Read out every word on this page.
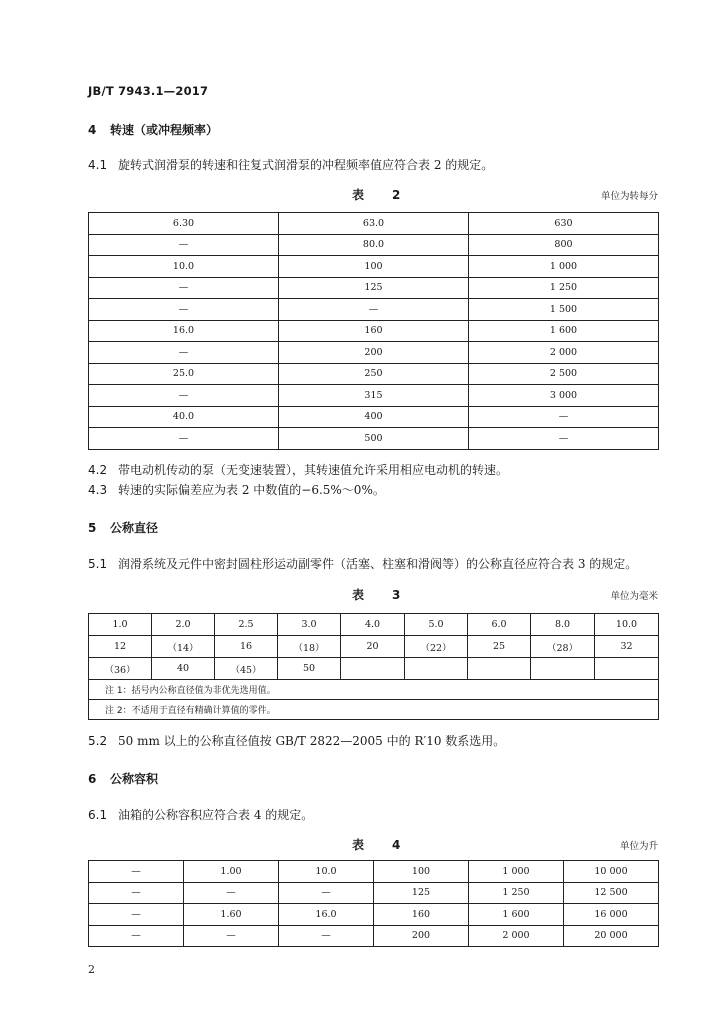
JB/T 7943.1—2017
4 转速（或冲程频率）
4.1 旋转式润滑泵的转速和往复式润滑泵的冲程频率值应符合表 2 的规定。
表　2	单位为转每分
6.30	63.0	630
—	80.0	800
10.0	100	1 000
—	125	1 250
—	—	1 500
16.0	160	1 600
—	200	2 000
25.0	250	2 500
—	315	3 000
40.0	400	—
—	500	—
4.2 带电动机传动的泵（无变速装置），其转速值允许采用相应电动机的转速。
4.3 转速的实际偏差应为表 2 中数值的−6.5%～0%。
5 公称直径
5.1 润滑系统及元件中密封圆柱形运动副零件（活塞、柱塞和滑阀等）的公称直径应符合表 3 的规定。
表　3	单位为毫米
1.0	2.0	2.5	3.0	4.0	5.0	6.0	8.0	10.0
12	（14）	16	（18）	20	（22）	25	（28）	32
（36）	40	（45）	50					
注 1：括号内公称直径值为非优先选用值。								
注 2：不适用于直径有精确计算值的零件。								
5.2 50 mm 以上的公称直径值按 GB/T 2822—2005 中的 R′10 数系选用。
6 公称容积
6.1 油箱的公称容积应符合表 4 的规定。
表　4	单位为升
—	1.00	10.0	100	1 000	10 000
—	—	—	125	1 250	12 500
—	1.60	16.0	160	1 600	16 000
—	—	—	200	2 000	20 000
2
